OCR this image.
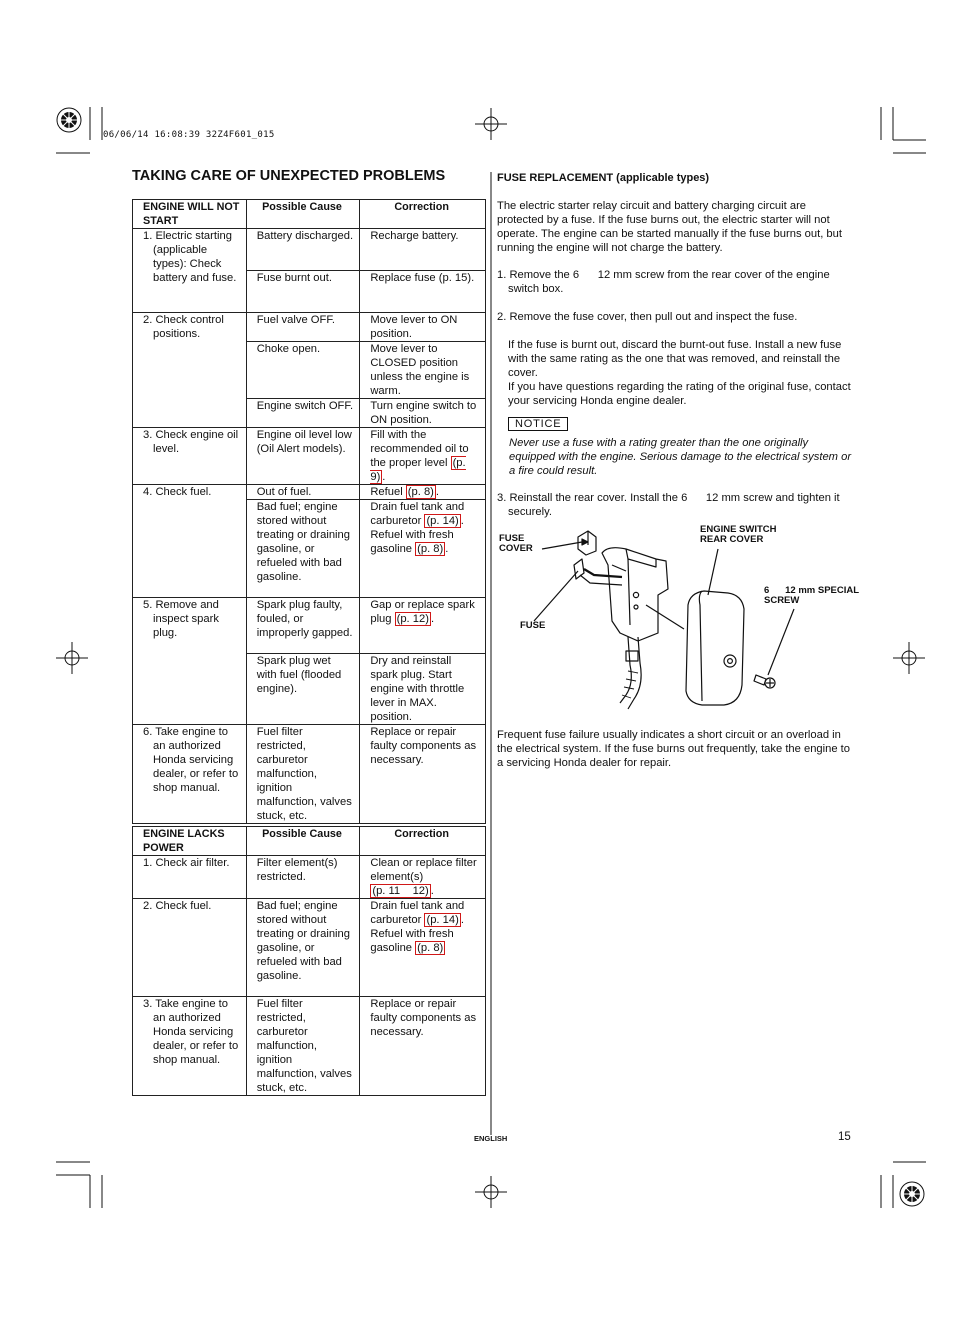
06/06/14 16:08:39 32Z4F601_015
TAKING CARE OF UNEXPECTED PROBLEMS
ENGINE WILL NOT START	Possible Cause	Correction

1. Electric starting (applicable types): Check battery and fuse.	Battery discharged.	Recharge battery.
	Fuse burnt out.	Replace fuse (p. 15).

2. Check control positions.	Fuel valve OFF.	Move lever to ON position.
	Choke open.	Move lever to CLOSED position unless the engine is warm.
	Engine switch OFF.	Turn engine switch to ON position.

3. Check engine oil level.	Engine oil level low (Oil Alert models).	Fill with the recommended oil to the proper level (p. 9) .

4. Check fuel.	Out of fuel.	Refuel (p. 8) .
	Bad fuel; engine stored without treating or draining gasoline, or refueled with bad gasoline.	Drain fuel tank and carburetor (p. 14) . Refuel with fresh gasoline (p. 8) .

5. Remove and inspect spark plug.	Spark plug faulty, fouled, or improperly gapped.	Gap or replace spark plug (p. 12) .
	Spark plug wet with fuel (flooded engine).	Dry and reinstall spark plug. Start engine with throttle lever in MAX. position.

6. Take engine to an authorized Honda servicing dealer, or refer to shop manual.	Fuel filter restricted, carburetor malfunction, ignition malfunction, valves stuck, etc.	Replace or repair faulty components as necessary.
ENGINE LACKS POWER	Possible Cause	Correction

1. Check air filter.	Filter element(s) restricted.	Clean or replace filter element(s) (p. 11    12) .

2. Check fuel.	Bad fuel; engine stored without treating or draining gasoline, or refueled with bad gasoline.	Drain fuel tank and carburetor (p. 14) . Refuel with fresh gasoline (p. 8)

3. Take engine to an authorized Honda servicing dealer, or refer to shop manual.	Fuel filter restricted, carburetor malfunction, ignition malfunction, valves stuck, etc.	Replace or repair faulty components as necessary.
FUSE REPLACEMENT (applicable types)
The electric starter relay circuit and battery charging circuit are protected by a fuse. If the fuse burns out, the electric starter will not operate. The engine can be started manually if the fuse burns out, but running the engine will not charge the battery.
1. Remove the 6      12 mm screw from the rear cover of the engine switch box.
2. Remove the fuse cover, then pull out and inspect the fuse.
If the fuse is burnt out, discard the burnt-out fuse. Install a new fuse with the same rating as the one that was removed, and reinstall the cover.
If you have questions regarding the rating of the original fuse, contact your servicing Honda engine dealer.
NOTICE
Never use a fuse with a rating greater than the one originally equipped with the engine. Serious damage to the electrical system or a fire could result.
3. Reinstall the rear cover. Install the 6      12 mm screw and tighten it securely.
FUSE COVER
FUSE
ENGINE SWITCH REAR COVER
6      12 mm SPECIAL SCREW
Frequent fuse failure usually indicates a short circuit or an overload in the electrical system. If the fuse burns out frequently, take the engine to a servicing Honda dealer for repair.
ENGLISH	15
